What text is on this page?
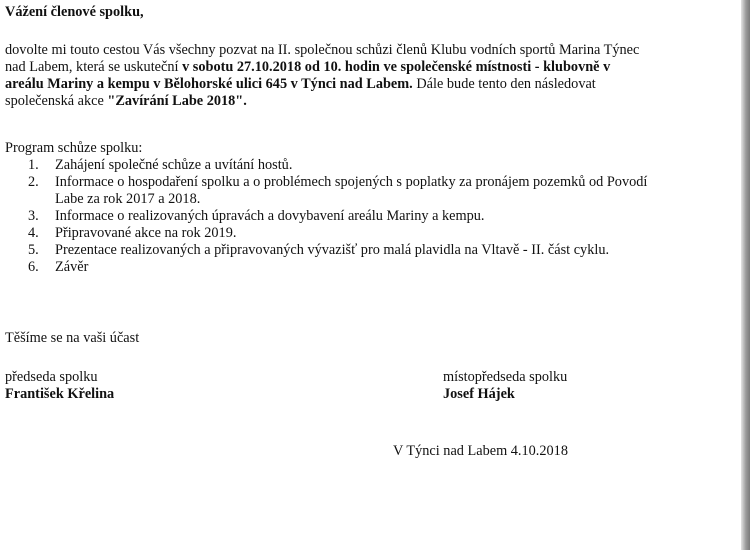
Vážení členové spolku,

dovolte mi touto cestou Vás všechny pozvat na II. společnou schůzi členů Klubu vodních sportů Marina Týnec nad Labem, která se uskuteční v sobotu 27.10.2018 od 10. hodin ve společenské místnosti - klubovně v areálu Mariny a kempu v Bělohorské ulici 645 v Týnci nad Labem. Dále bude tento den následovat společenská akce "Zavírání Labe 2018".

Program schůze spolku:

1.	Zahájení společné schůze a uvítání hostů.
2.	Informace o hospodaření spolku a o problémech spojených s poplatky za pronájem pozemků od Povodí Labe za rok 2017 a 2018.
3.	Informace o realizovaných úpravách a dovybavení areálu Mariny a kempu.
4.	Připravované akce na rok 2019.
5.	Prezentace realizovaných a připravovaných vývazišť pro malá plavidla na Vltavě - II. část cyklu.
6.	Závěr

Těšíme se na vaši účast

předseda spolku

František Křelina

místopředseda spolku

Josef Hájek

V Týnci nad Labem 4.10.2018
